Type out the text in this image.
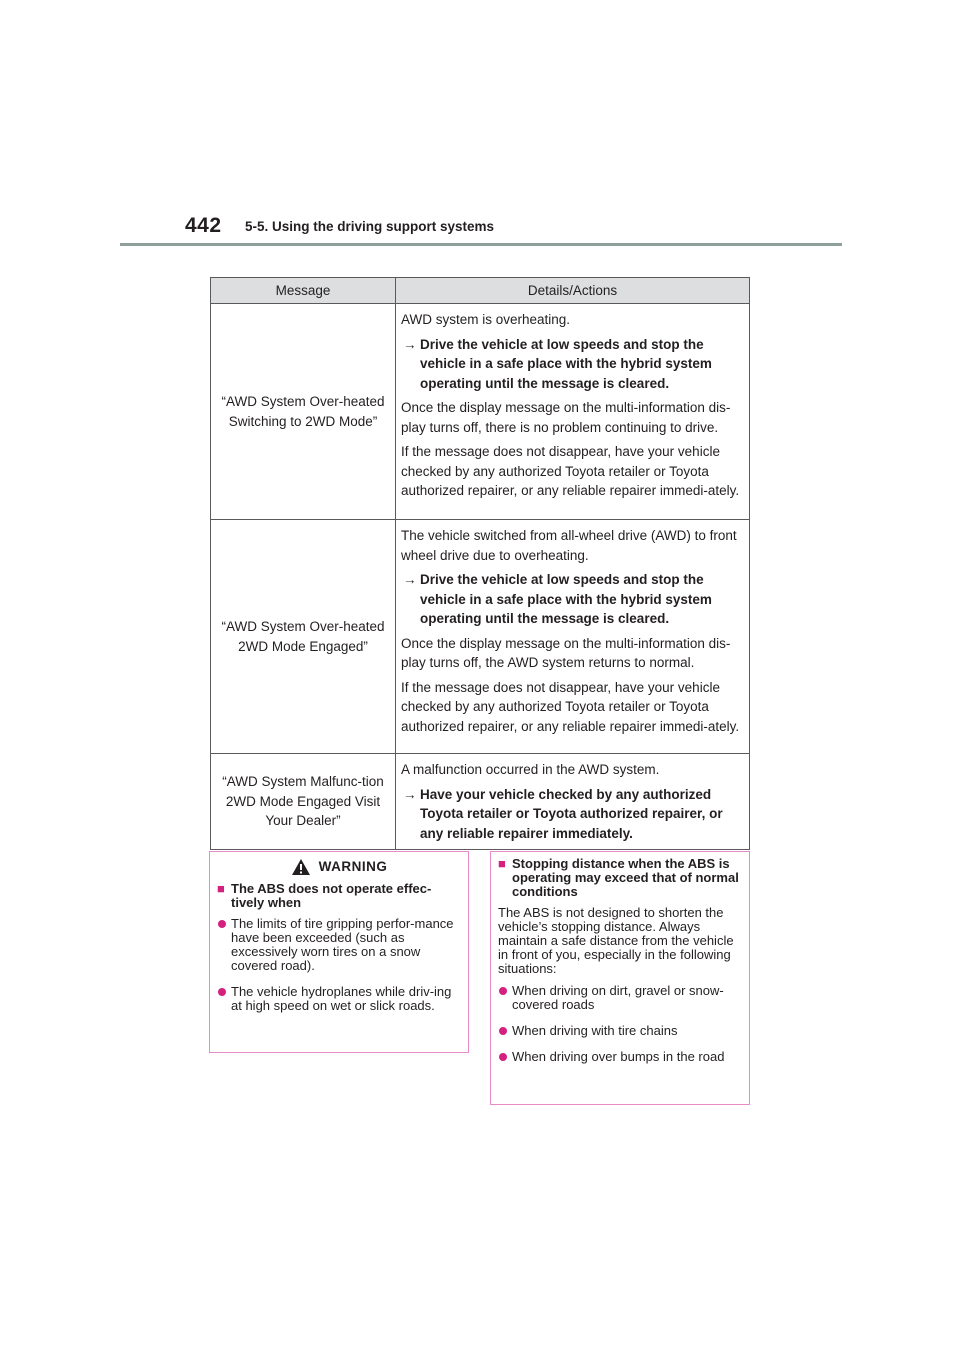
442 5-5. Using the driving support systems
Message	Details/Actions
“AWD System Over-heated Switching to 2WD Mode”	AWD system is overheating.

→ Drive the vehicle at low speeds and stop the vehicle in a safe place with the hybrid system operating until the message is cleared.

Once the display message on the multi-information dis-play turns off, there is no problem continuing to drive.

If the message does not disappear, have your vehicle checked by any authorized Toyota retailer or Toyota authorized repairer, or any reliable repairer immedi-ately.

“AWD System Over-heated 2WD Mode Engaged”	The vehicle switched from all-wheel drive (AWD) to front wheel drive due to overheating.

→ Drive the vehicle at low speeds and stop the vehicle in a safe place with the hybrid system operating until the message is cleared.

Once the display message on the multi-information dis-play turns off, the AWD system returns to normal.

If the message does not disappear, have your vehicle checked by any authorized Toyota retailer or Toyota authorized repairer, or any reliable repairer immedi-ately.

“AWD System Malfunc-tion 2WD Mode Engaged Visit Your Dealer”	A malfunction occurred in the AWD system.

→ Have your vehicle checked by any authorized Toyota retailer or Toyota authorized repairer, or any reliable repairer immediately.
WARNING
■ The ABS does not operate effec-tively when
The limits of tire gripping perfor-mance have been exceeded (such as excessively worn tires on a snow covered road).
The vehicle hydroplanes while driv-ing at high speed on wet or slick roads.
■ Stopping distance when the ABS is operating may exceed that of normal conditions

The ABS is not designed to shorten the vehicle’s stopping distance. Always maintain a safe distance from the vehicle in front of you, especially in the following situations:

When driving on dirt, gravel or snow-covered roads
When driving with tire chains
When driving over bumps in the road
